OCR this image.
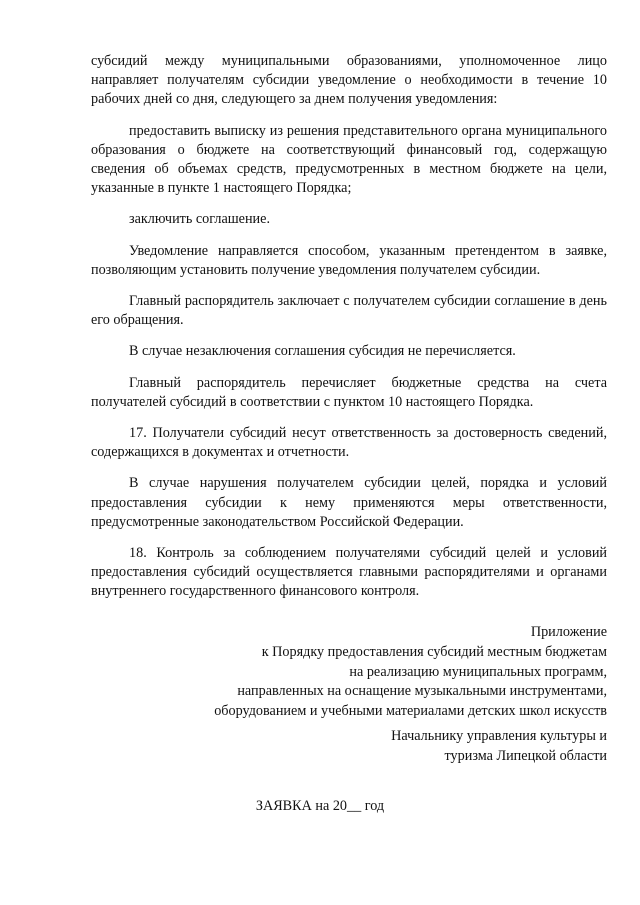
субсидий между муниципальными образованиями, уполномоченное лицо направляет получателям субсидии уведомление о необходимости в течение 10 рабочих дней со дня, следующего за днем получения уведомления:

предоставить выписку из решения представительного органа муниципального образования о бюджете на соответствующий финансовый год, содержащую сведения об объемах средств, предусмотренных в местном бюджете на цели, указанные в пункте 1 настоящего Порядка;

заключить соглашение.

Уведомление направляется способом, указанным претендентом в заявке, позволяющим установить получение уведомления получателем субсидии.

Главный распорядитель заключает с получателем субсидии соглашение в день его обращения.

В случае незаключения соглашения субсидия не перечисляется.

Главный распорядитель перечисляет бюджетные средства на счета получателей субсидий в соответствии с пунктом 10 настоящего Порядка.

17. Получатели субсидий несут ответственность за достоверность сведений, содержащихся в документах и отчетности.

В случае нарушения получателем субсидии целей, порядка и условий предоставления субсидии к нему применяются меры ответственности, предусмотренные законодательством Российской Федерации.

18. Контроль за соблюдением получателями субсидий целей и условий предоставления субсидий осуществляется главными распорядителями и органами внутреннего государственного финансового контроля.

Приложение
к Порядку предоставления субсидий местным бюджетам
на реализацию муниципальных программ,
направленных на оснащение музыкальными инструментами,
оборудованием и учебными материалами детских школ искусств
Начальнику управления культуры и
туризма Липецкой области
ЗАЯВКА на 20__ год
